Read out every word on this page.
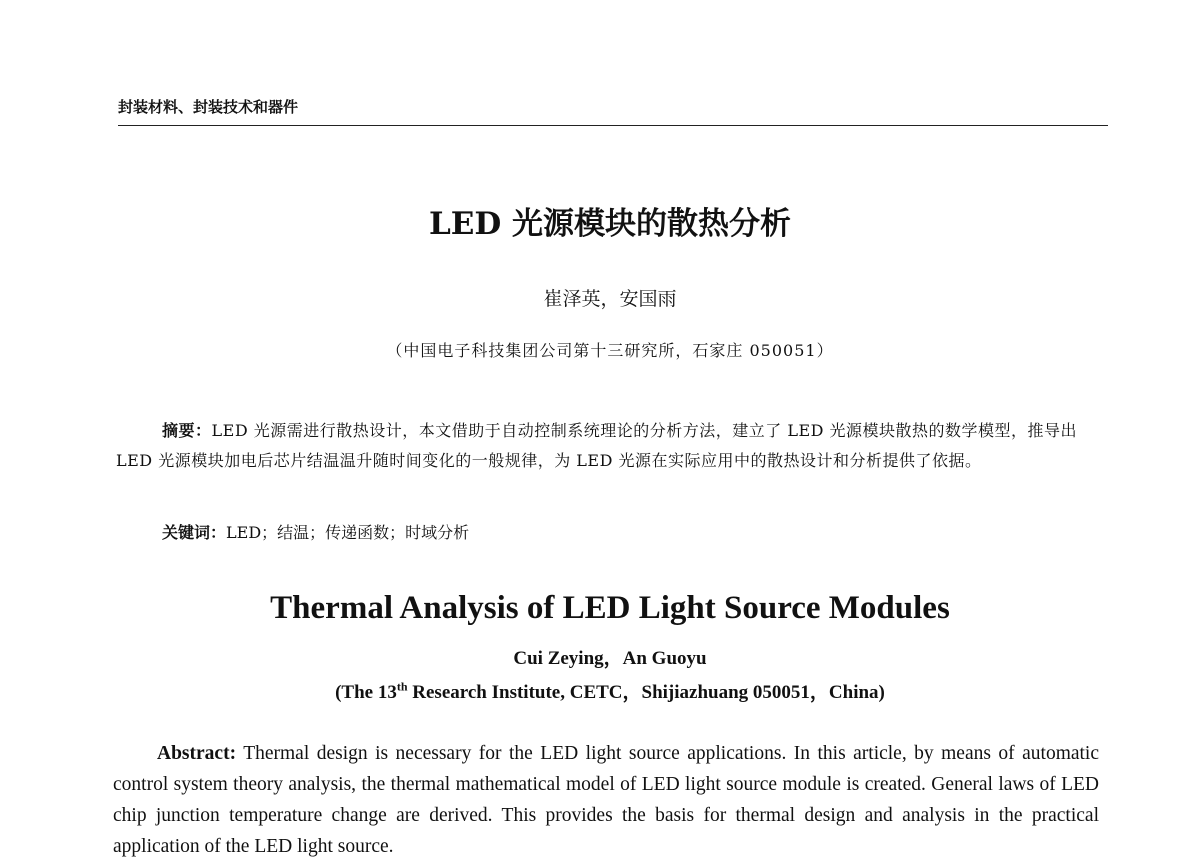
封装材料、封装技术和器件
LED 光源模块的散热分析
崔泽英，安国雨
（中国电子科技集团公司第十三研究所，石家庄 050051）
摘要：LED 光源需进行散热设计，本文借助于自动控制系统理论的分析方法，建立了 LED 光源模块散热的数学模型，推导出 LED 光源模块加电后芯片结温温升随时间变化的一般规律，为 LED 光源在实际应用中的散热设计和分析提供了依据。
关键词：LED；结温；传递函数；时域分析
Thermal Analysis of LED Light Source Modules
Cui Zeying，An Guoyu
(The 13th Research Institute, CETC，Shijiazhuang 050051，China)
Abstract: Thermal design is necessary for the LED light source applications. In this article, by means of automatic control system theory analysis, the thermal mathematical model of LED light source module is created. General laws of LED chip junction temperature change are derived. This provides the basis for thermal design and analysis in the practical application of the LED light source.
